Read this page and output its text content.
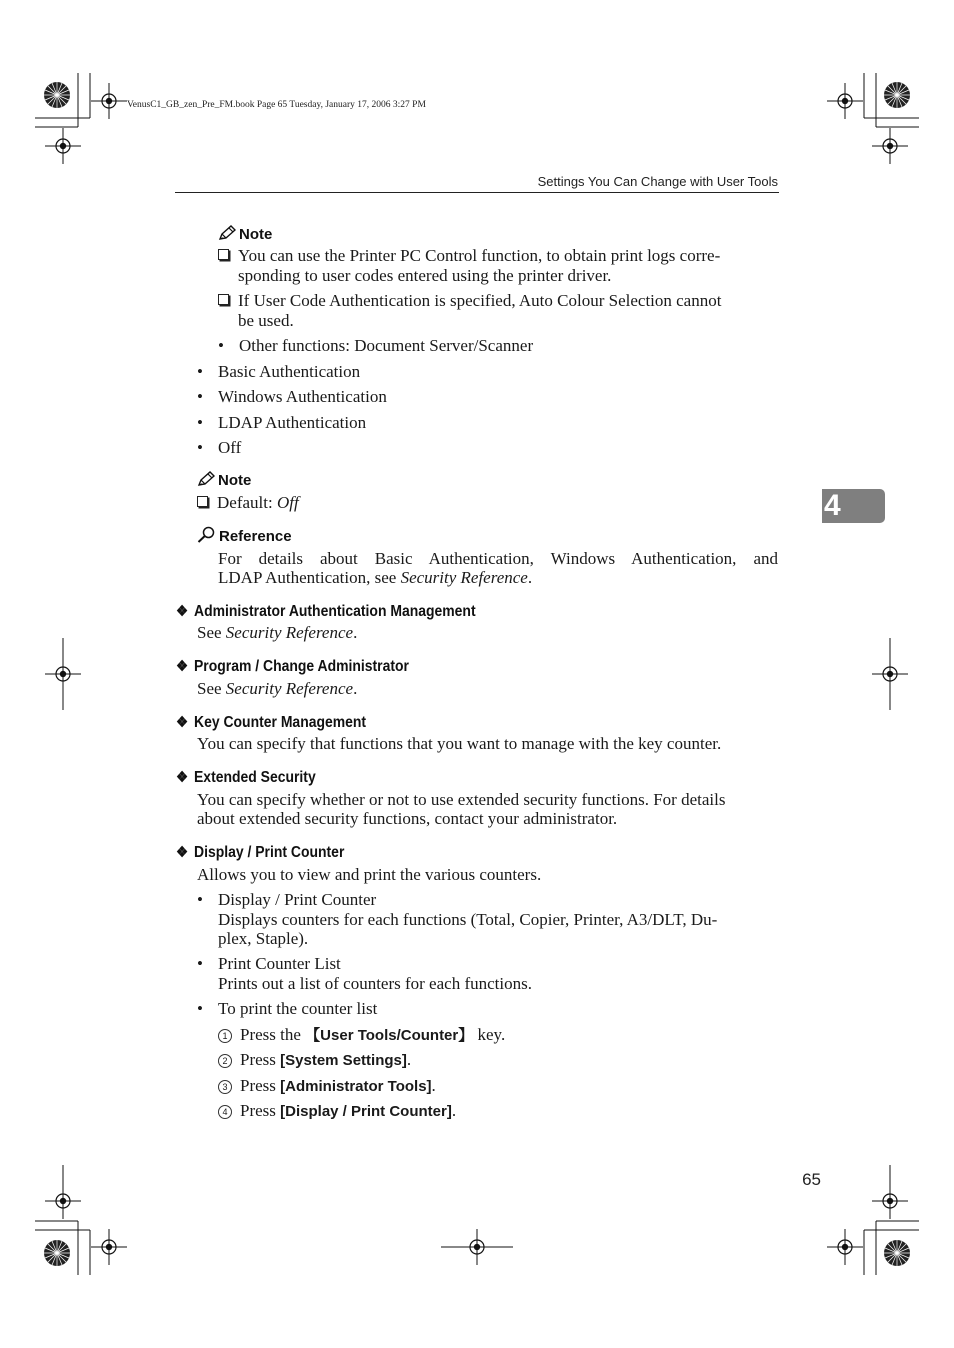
VenusC1_GB_zen_Pre_FM.book Page 65 Tuesday, January 17, 2006 3:27 PM
Settings You Can Change with User Tools
4
Note
You can use the Printer PC Control function, to obtain print logs corre-
sponding to user codes entered using the printer driver.
If User Code Authentication is specified, Auto Colour Selection cannot
be used.
• Other functions: Document Server/Scanner
• Basic Authentication
• Windows Authentication
• LDAP Authentication
• Off
Note
Default: Off
Reference
For details about Basic Authentication, Windows Authentication, and
LDAP Authentication, see Security Reference.
❖ Administrator Authentication Management
See Security Reference.
❖ Program / Change Administrator
See Security Reference.
❖ Key Counter Management
You can specify that functions that you want to manage with the key counter.
❖ Extended Security
You can specify whether or not to use extended security functions. For details
about extended security functions, contact your administrator.
❖ Display / Print Counter
Allows you to view and print the various counters.
• Display / Print Counter
Displays counters for each functions (Total, Copier, Printer, A3/DLT, Du-
plex, Staple).
• Print Counter List
Prints out a list of counters for each functions.
• To print the counter list
1 Press the 【User Tools/Counter】 key.
2 Press [System Settings].
3 Press [Administrator Tools].
4 Press [Display / Print Counter].
65
